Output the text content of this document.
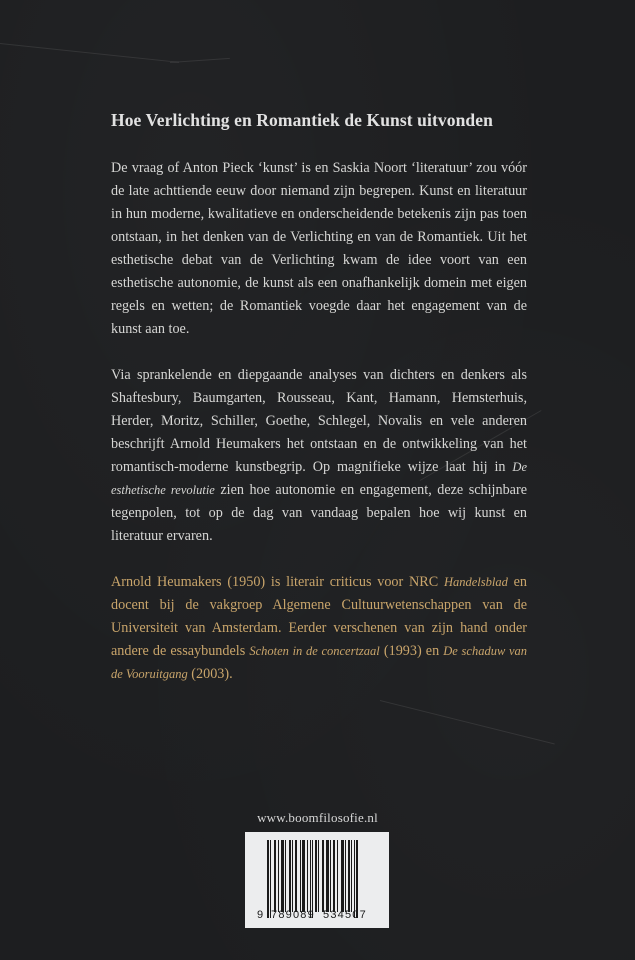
Hoe Verlichting en Romantiek de Kunst uitvonden

De vraag of Anton Pieck ‘kunst’ is en Saskia Noort ‘literatuur’ zou vóór de late achttiende eeuw door niemand zijn begrepen. Kunst en literatuur in hun moderne, kwalitatieve en onderscheidende betekenis zijn pas toen ontstaan, in het denken van de Verlichting en van de Romantiek. Uit het esthetische debat van de Verlichting kwam de idee voort van een esthetische autonomie, de kunst als een onafhankelijk domein met eigen regels en wetten; de Romantiek voegde daar het engagement van de kunst aan toe.

Via sprankelende en diepgaande analyses van dichters en denkers als Shaftesbury, Baumgarten, Rousseau, Kant, Hamann, Hemsterhuis, Herder, Moritz, Schiller, Goethe, Schlegel, Novalis en vele anderen beschrijft Arnold Heumakers het ontstaan en de ontwikkeling van het romantisch-moderne kunstbegrip. Op magnifieke wijze laat hij in De esthetische revolutie zien hoe autonomie en engagement, deze schijnbare tegenpolen, tot op de dag van vandaag bepalen hoe wij kunst en literatuur ervaren.

Arnold Heumakers (1950) is literair criticus voor NRC Handelsblad en docent bij de vakgroep Algemene Cultuurwetenschappen van de Universiteit van Amsterdam. Eerder verschenen van zijn hand onder andere de essaybundels Schoten in de concertzaal (1993) en De schaduw van de Vooruitgang (2003).

www.boomfilosofie.nl
9 789089 534507
